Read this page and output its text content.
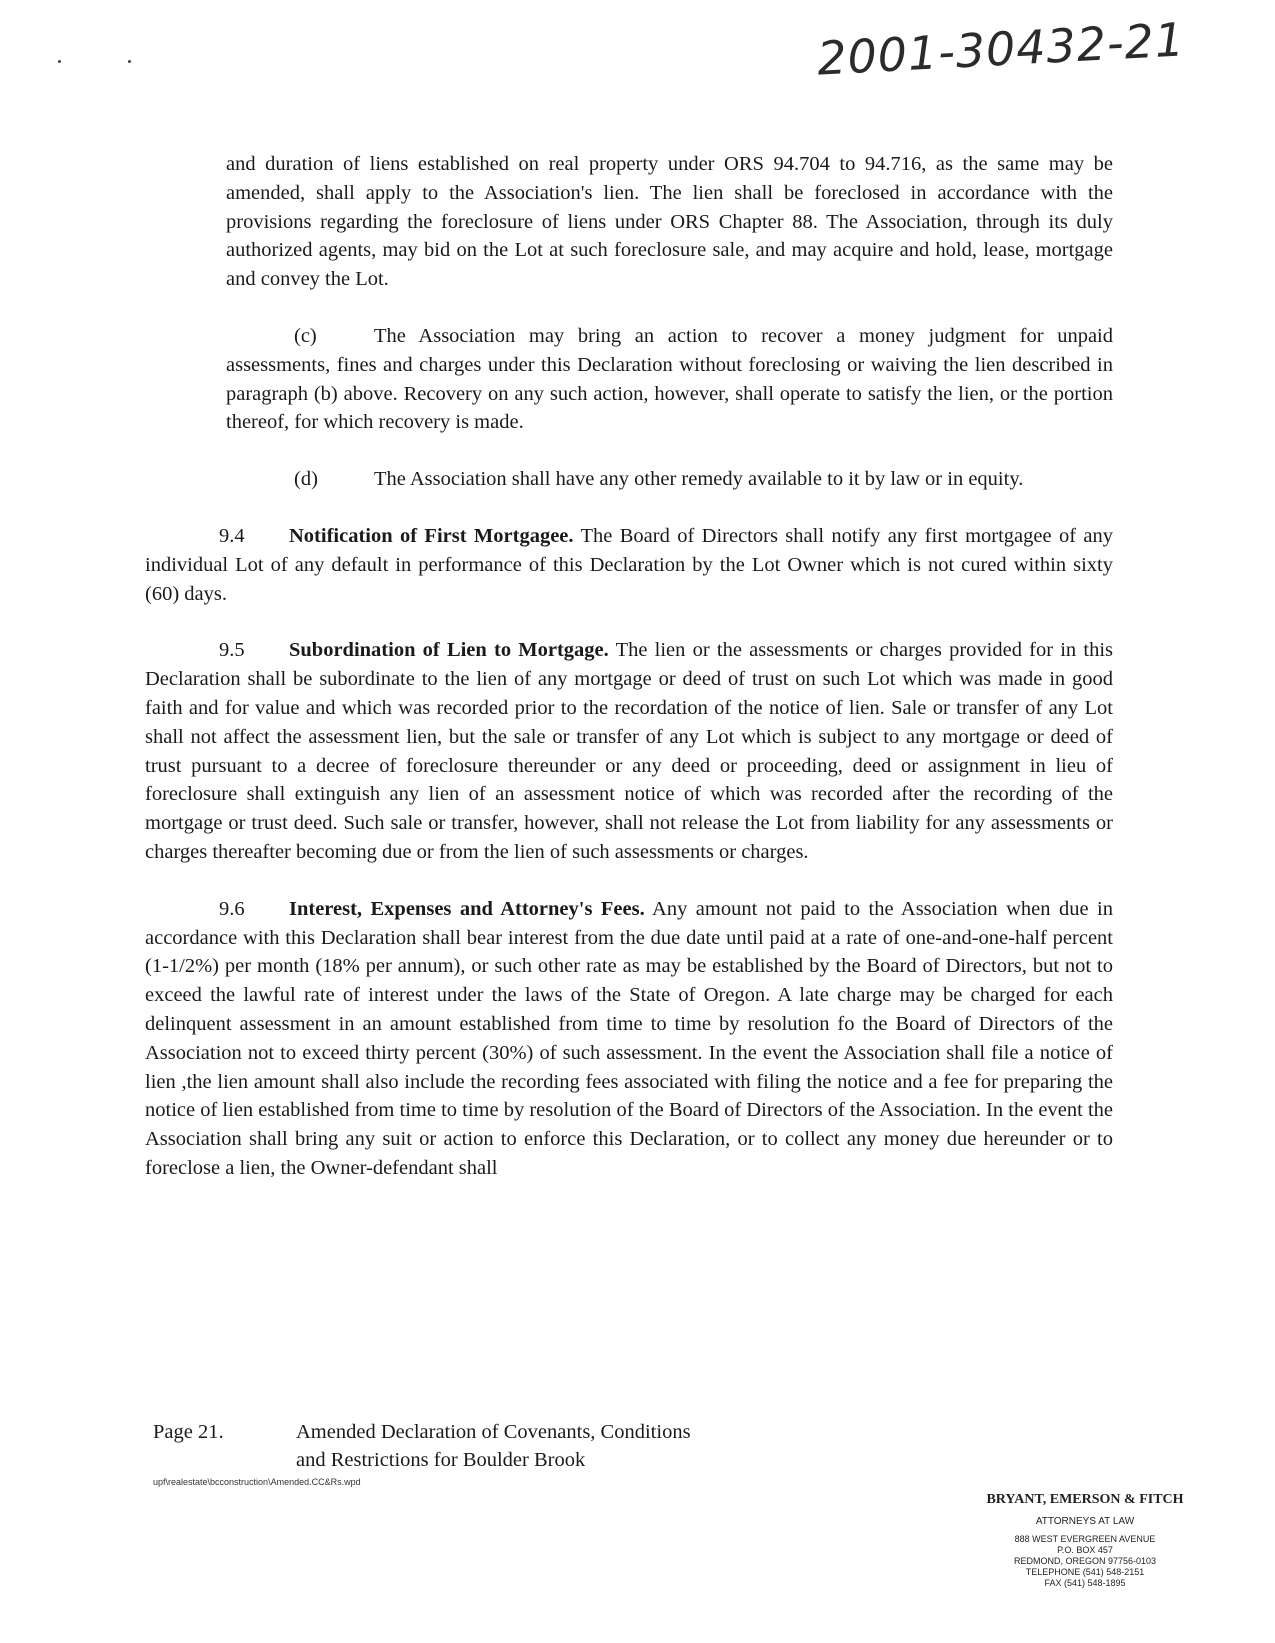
2001-30432-21

and duration of liens established on real property under ORS 94.704 to 94.716, as the same may be amended, shall apply to the Association's lien. The lien shall be foreclosed in accordance with the provisions regarding the foreclosure of liens under ORS Chapter 88. The Association, through its duly authorized agents, may bid on the Lot at such foreclosure sale, and may acquire and hold, lease, mortgage and convey the Lot.

(c)	The Association may bring an action to recover a money judgment for unpaid assessments, fines and charges under this Declaration without foreclosing or waiving the lien described in paragraph (b) above. Recovery on any such action, however, shall operate to satisfy the lien, or the portion thereof, for which recovery is made.

(d)	The Association shall have any other remedy available to it by law or in equity.

9.4 Notification of First Mortgagee. The Board of Directors shall notify any first mortgagee of any individual Lot of any default in performance of this Declaration by the Lot Owner which is not cured within sixty (60) days.

9.5 Subordination of Lien to Mortgage. The lien or the assessments or charges provided for in this Declaration shall be subordinate to the lien of any mortgage or deed of trust on such Lot which was made in good faith and for value and which was recorded prior to the recordation of the notice of lien. Sale or transfer of any Lot shall not affect the assessment lien, but the sale or transfer of any Lot which is subject to any mortgage or deed of trust pursuant to a decree of foreclosure thereunder or any deed or proceeding, deed or assignment in lieu of foreclosure shall extinguish any lien of an assessment notice of which was recorded after the recording of the mortgage or trust deed. Such sale or transfer, however, shall not release the Lot from liability for any assessments or charges thereafter becoming due or from the lien of such assessments or charges.

9.6 Interest, Expenses and Attorney's Fees. Any amount not paid to the Association when due in accordance with this Declaration shall bear interest from the due date until paid at a rate of one-and-one-half percent (1-1/2%) per month (18% per annum), or such other rate as may be established by the Board of Directors, but not to exceed the lawful rate of interest under the laws of the State of Oregon. A late charge may be charged for each delinquent assessment in an amount established from time to time by resolution fo the Board of Directors of the Association not to exceed thirty percent (30%) of such assessment. In the event the Association shall file a notice of lien ,the lien amount shall also include the recording fees associated with filing the notice and a fee for preparing the notice of lien established from time to time by resolution of the Board of Directors of the Association. In the event the Association shall bring any suit or action to enforce this Declaration, or to collect any money due hereunder or to foreclose a lien, the Owner-defendant shall

Page 21.	Amended Declaration of Covenants, Conditions
and Restrictions for Boulder Brook
upf\realestate\bcconstruction\Amended.CC&Rs.wpd
BRYANT, EMERSON & FITCH
ATTORNEYS AT LAW
888 WEST EVERGREEN AVENUE
P.O. BOX 457
REDMOND, OREGON 97756-0103
TELEPHONE (541) 548-2151
FAX (541) 548-1895
